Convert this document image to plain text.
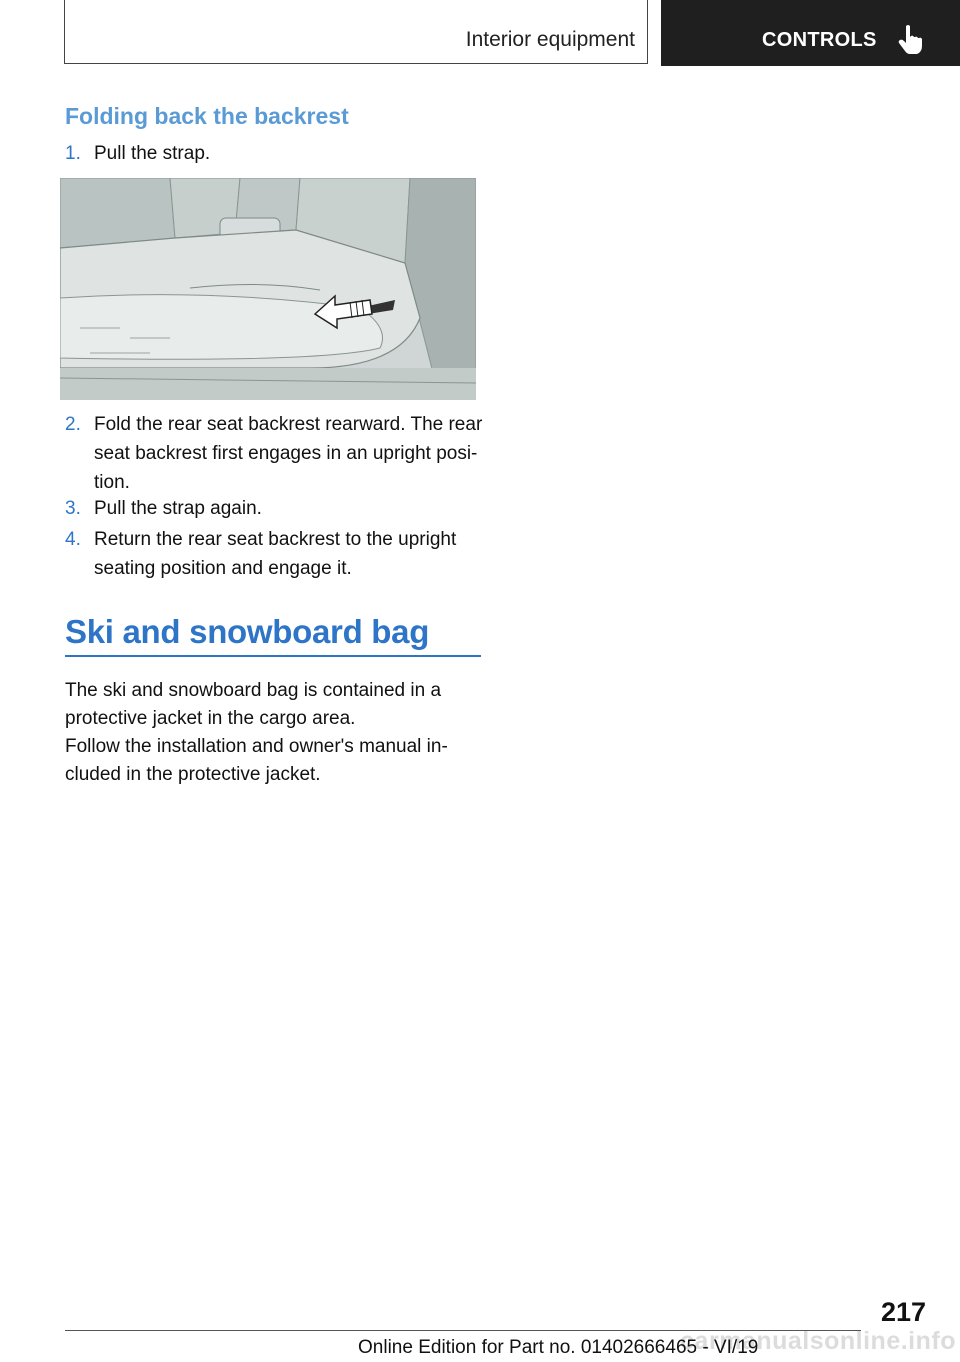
Interior equipment	CONTROLS
Folding back the backrest
1. Pull the strap.
2. Fold the rear seat backrest rearward. The rear seat backrest first engages in an upright posi‐tion.
3. Pull the strap again.
4. Return the rear seat backrest to the upright seating position and engage it.
Ski and snowboard bag
The ski and snowboard bag is contained in a protective jacket in the cargo area.
Follow the installation and owner's manual in‐cluded in the protective jacket.
217
carmanualsonline.info
Online Edition for Part no. 01402666465 - VI/19
